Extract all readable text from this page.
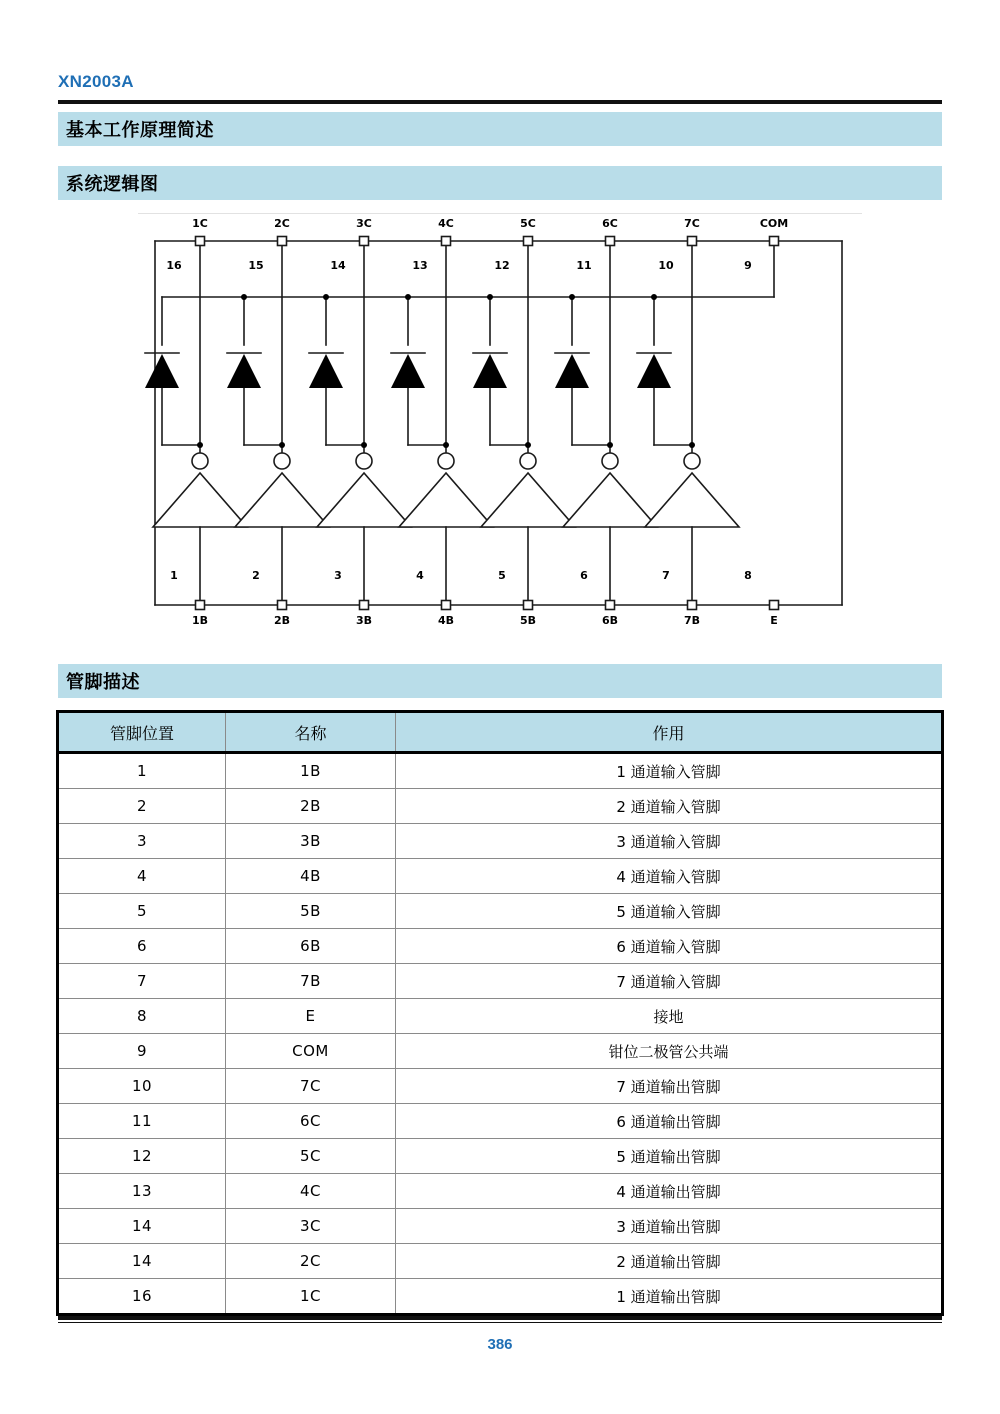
XN2003A
基本工作原理简述
系统逻辑图
1C
16
2C
15
3C
14
4C
13
5C
12
6C
11
7C
10
COM
9
1B
1
2B
2
3B
3
4B
4
5B
5
6B
6
7B
7
E
8
管脚描述
管脚位置	名称	作用
1	1B	1 通道输入管脚
2	2B	2 通道输入管脚
3	3B	3 通道输入管脚
4	4B	4 通道输入管脚
5	5B	5 通道输入管脚
6	6B	6 通道输入管脚
7	7B	7 通道输入管脚
8	E	接地
9	COM	钳位二极管公共端
10	7C	7 通道输出管脚
11	6C	6 通道输出管脚
12	5C	5 通道输出管脚
13	4C	4 通道输出管脚
14	3C	3 通道输出管脚
14	2C	2 通道输出管脚
16	1C	1 通道输出管脚
386
